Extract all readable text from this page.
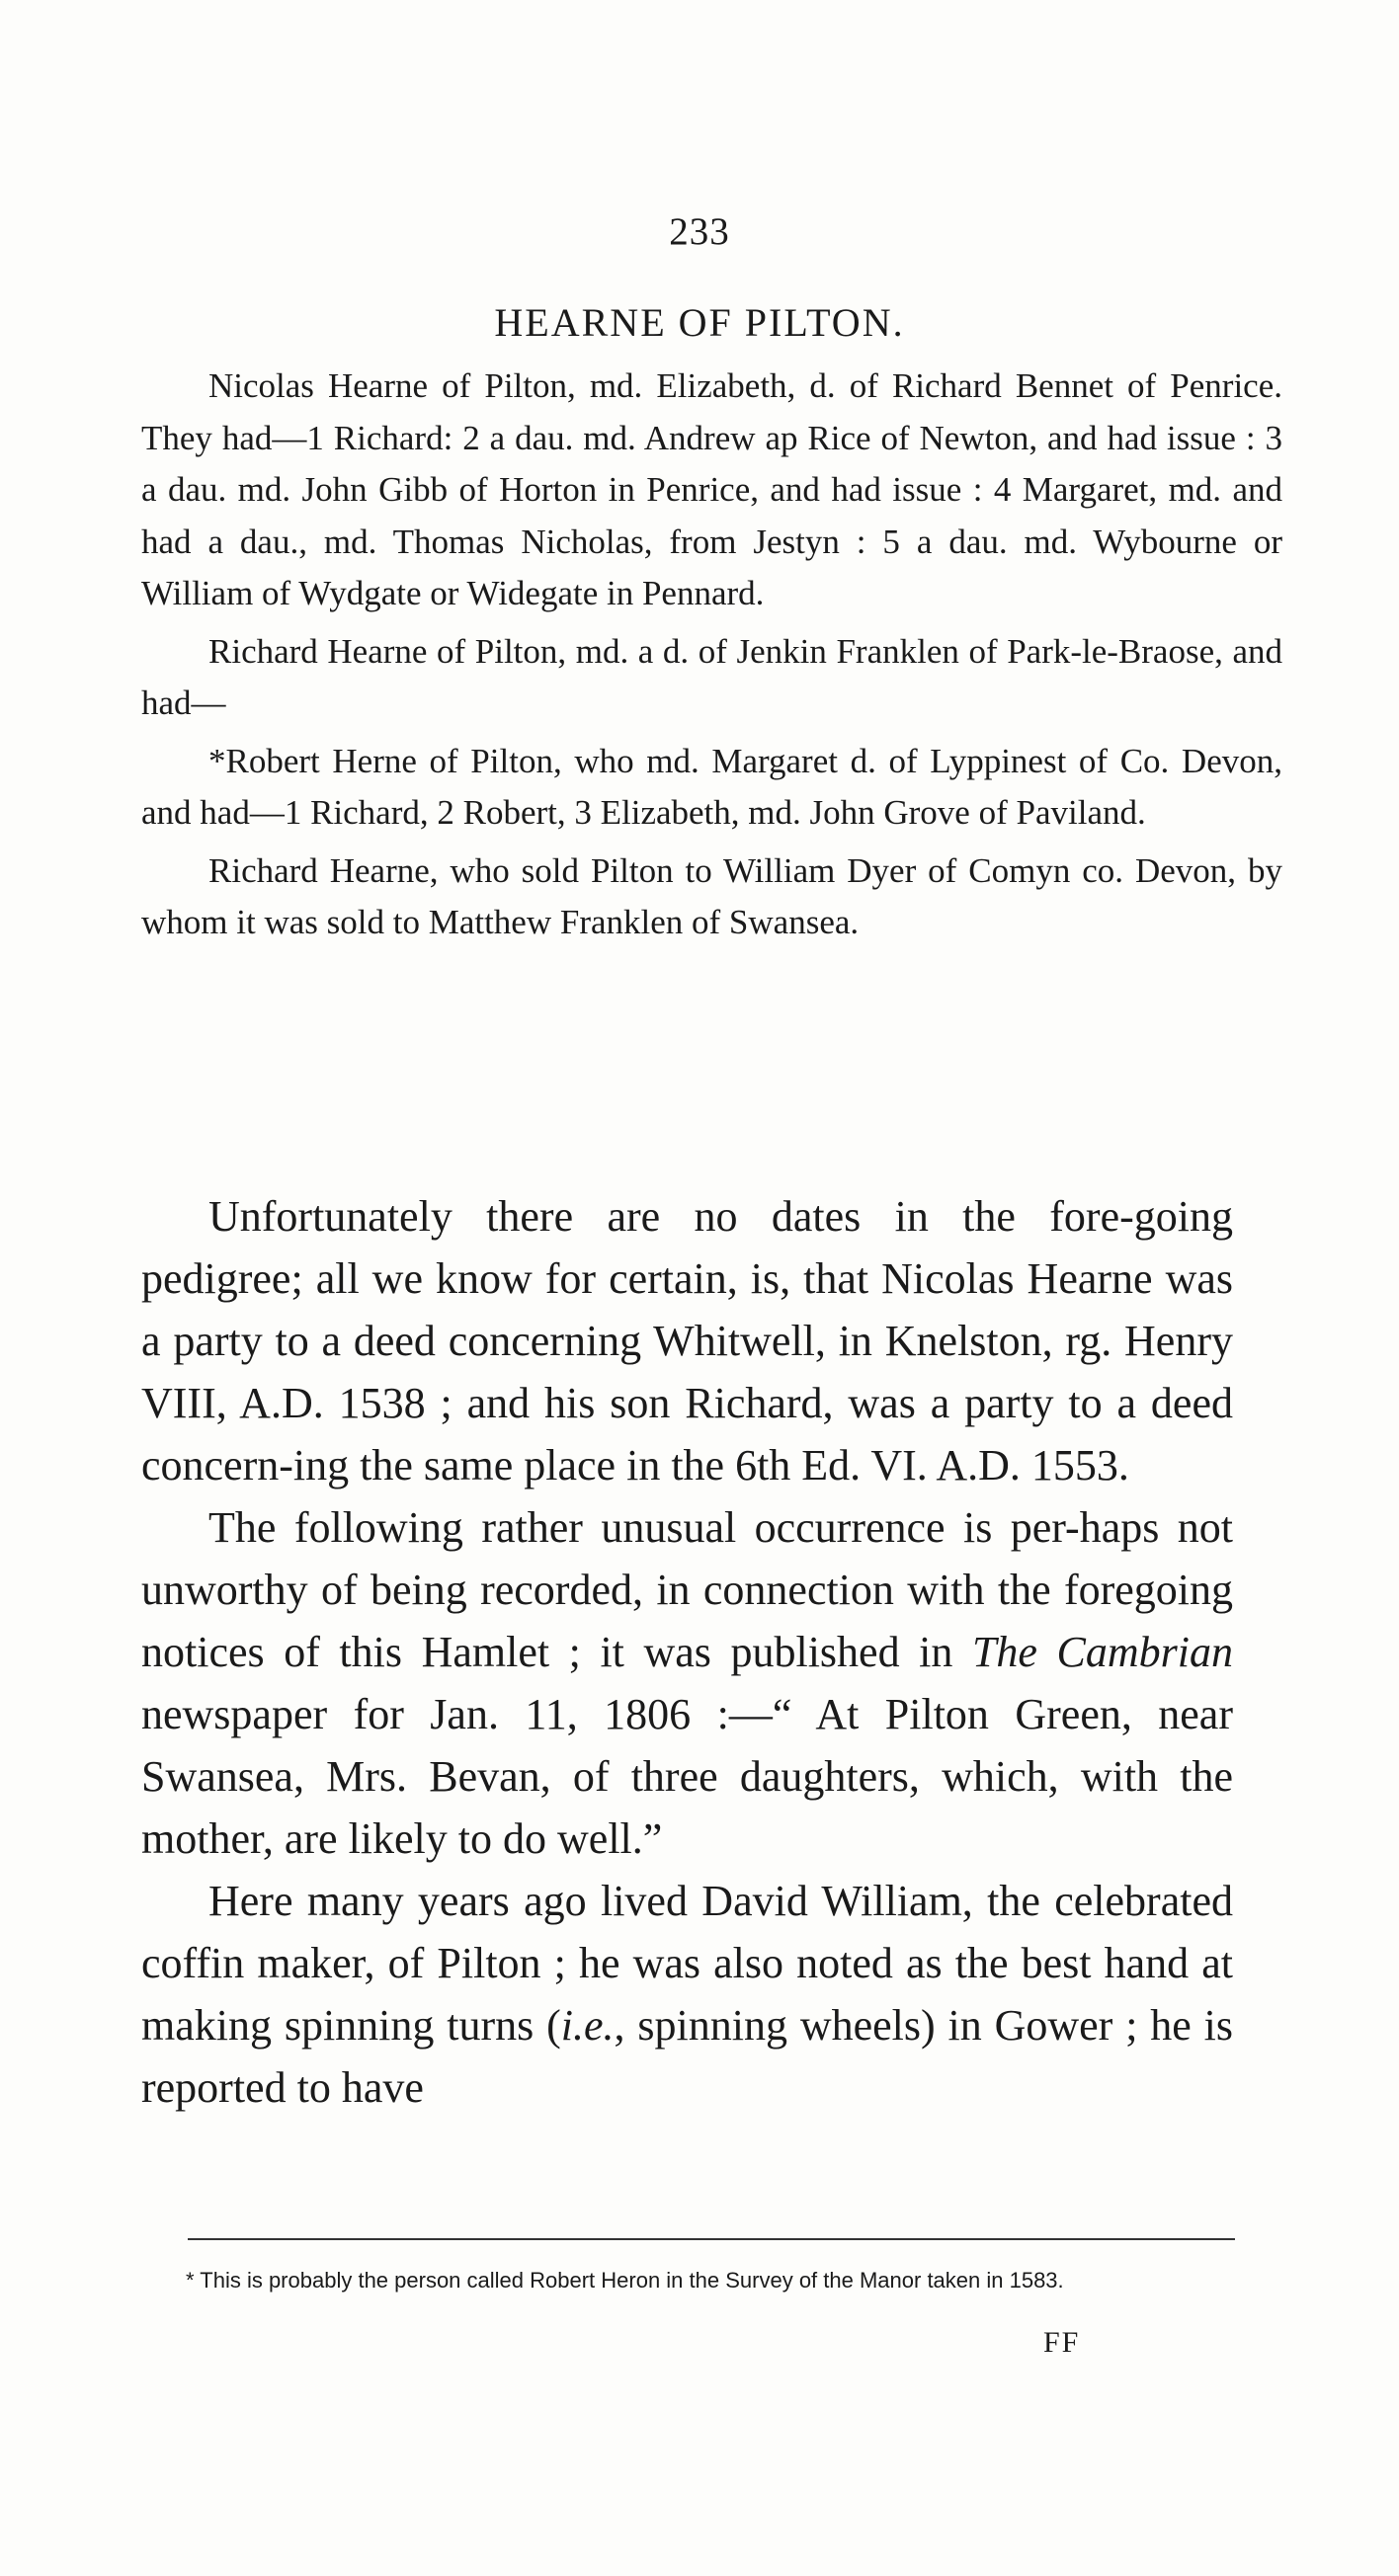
233
HEARNE OF PILTON.

Nicolas Hearne of Pilton, md. Elizabeth, d. of Richard Bennet of Penrice. They had—1 Richard: 2 a dau. md. Andrew ap Rice of Newton, and had issue : 3 a dau. md. John Gibb of Horton in Penrice, and had issue : 4 Margaret, md. and had a dau., md. Thomas Nicholas, from Jestyn : 5 a dau. md. Wybourne or William of Wydgate or Widegate in Pennard.

Richard Hearne of Pilton, md. a d. of Jenkin Franklen of Park-le-Braose, and had—

*Robert Herne of Pilton, who md. Margaret d. of Lyppinest of Co. Devon, and had—1 Richard, 2 Robert, 3 Elizabeth, md. John Grove of Paviland.

Richard Hearne, who sold Pilton to William Dyer of Comyn co. Devon, by whom it was sold to Matthew Franklen of Swansea.

Unfortunately there are no dates in the fore-going pedigree; all we know for certain, is, that Nicolas Hearne was a party to a deed concerning Whitwell, in Knelston, rg. Henry VIII, A.D. 1538 ; and his son Richard, was a party to a deed concern-ing the same place in the 6th Ed. VI. A.D. 1553.

The following rather unusual occurrence is per-haps not unworthy of being recorded, in connection with the foregoing notices of this Hamlet ; it was published in The Cambrian newspaper for Jan. 11, 1806 :—“ At Pilton Green, near Swansea, Mrs. Bevan, of three daughters, which, with the mother, are likely to do well.”

Here many years ago lived David William, the celebrated coffin maker, of Pilton ; he was also noted as the best hand at making spinning turns (i.e., spinning wheels) in Gower ; he is reported to have

* This is probably the person called Robert Heron in the Survey of the Manor taken in 1583.

FF
